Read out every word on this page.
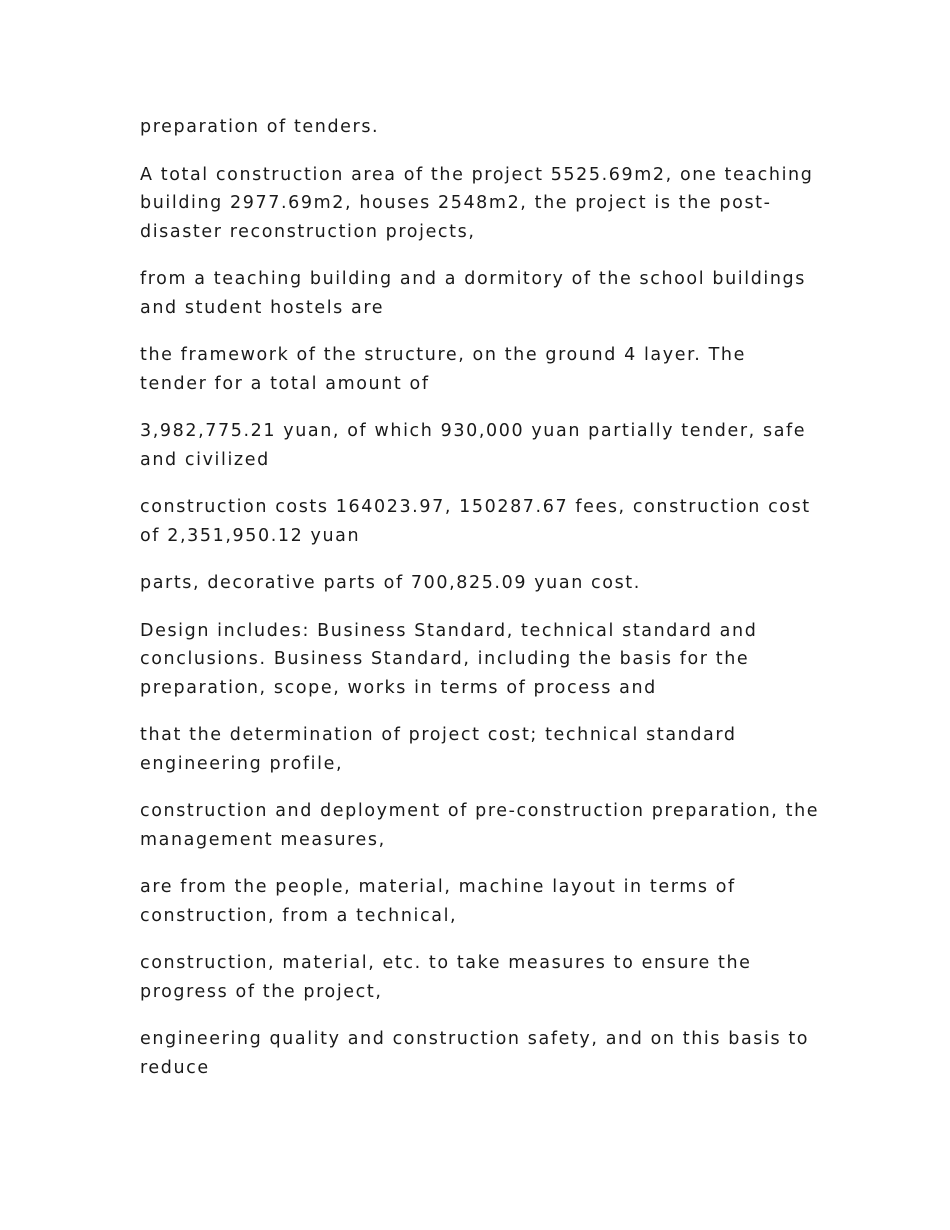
preparation of tenders.

A total construction area of the project 5525.69m2, one teaching building 2977.69m2, houses 2548m2, the project is the post-disaster reconstruction projects,

from a teaching building and a dormitory of the school buildings and student hostels are

the framework of the structure, on the ground 4 layer. The tender for a total amount of

3,982,775.21 yuan, of which 930,000 yuan partially tender, safe and civilized

construction costs 164023.97, 150287.67 fees, construction cost of 2,351,950.12 yuan

parts, decorative parts of 700,825.09 yuan cost.

Design includes: Business Standard, technical standard and conclusions. Business Standard, including the basis for the preparation, scope, works in terms of process and

that the determination of project cost; technical standard engineering profile,

construction and deployment of pre-construction preparation, the management measures,

are from the people, material, machine layout in terms of construction, from a technical,

construction, material, etc. to take measures to ensure the progress of the project,

engineering quality and construction safety, and on this basis to reduce
